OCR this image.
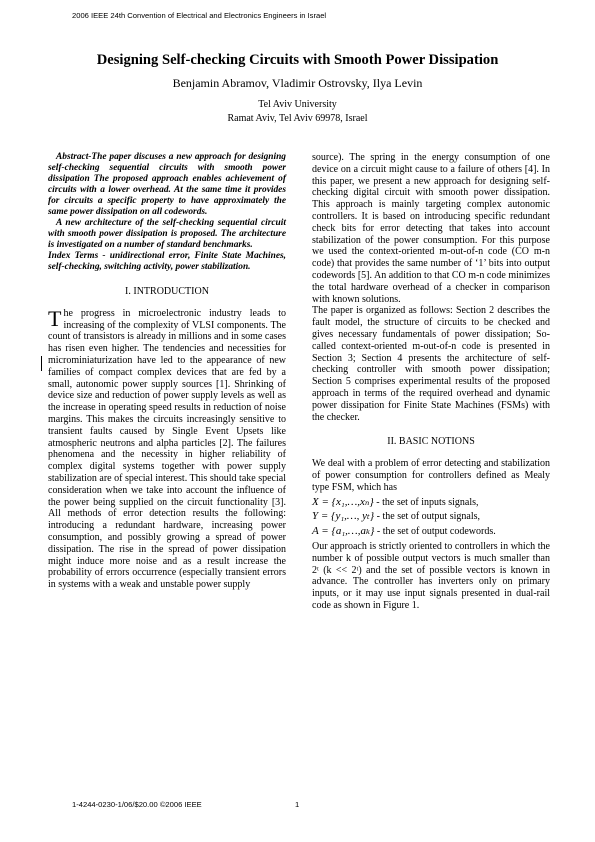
2006 IEEE 24th Convention of Electrical and Electronics Engineers in Israel
Designing Self-checking Circuits with Smooth Power Dissipation
Benjamin Abramov, Vladimir Ostrovsky, Ilya Levin
Tel Aviv University
Ramat Aviv, Tel Aviv 69978, Israel

Abstract-The paper discuses a new approach for designing self-checking sequential circuits with smooth power dissipation The proposed approach enables achievement of circuits with a lower overhead. At the same time it provides for circuits a specific property to have approximately the same power dissipation on all codewords.

A new architecture of the self-checking sequential circuit with smooth power dissipation is proposed. The architecture is investigated on a number of standard benchmarks.

Index Terms - unidirectional error, Finite State Machines, self-checking, switching activity, power stabilization.

I. INTRODUCTION

The progress in microelectronic industry leads to increasing of the complexity of VLSI components. The count of transistors is already in millions and in some cases has risen even higher. The tendencies and necessities for microminiaturization have led to the appearance of new families of compact complex devices that are fed by a small, autonomic power supply sources [1]. Shrinking of device size and reduction of power supply levels as well as the increase in operating speed results in reduction of noise margins. This makes the circuits increasingly sensitive to transient faults caused by Single Event Upsets like atmospheric neutrons and alpha particles [2]. The failures phenomena and the necessity in higher reliability of complex digital systems together with power supply stabilization are of special interest. This should take special consideration when we take into account the influence of the power being supplied on the circuit functionality [3]. All methods of error detection results the following: introducing a redundant hardware, increasing power consumption, and possibly growing a spread of power dissipation. The rise in the spread of power dissipation might induce more noise and as a result increase the probability of errors occurrence (especially transient errors in systems with a weak and unstable power supply

source). The spring in the energy consumption of one device on a circuit might cause to a failure of others [4]. In this paper, we present a new approach for designing self-checking digital circuit with smooth power dissipation. This approach is mainly targeting complex autonomic controllers. It is based on introducing specific redundant check bits for error detecting that takes into account stabilization of the power consumption. For this purpose we used the context-oriented m-out-of-n code (CO m-n code) that provides the same number of ‘1’ bits into output codewords [5]. An addition to that CO m-n code minimizes the total hardware overhead of a checker in comparison with known solutions.

The paper is organized as follows: Section 2 describes the fault model, the structure of circuits to be checked and gives necessary fundamentals of power dissipation; So-called context-oriented m-out-of-n code is presented in Section 3; Section 4 presents the architecture of self-checking controller with smooth power dissipation; Section 5 comprises experimental results of the proposed approach in terms of the required overhead and dynamic power dissipation for Finite State Machines (FSMs) with the checker.

II. BASIC NOTIONS

We deal with a problem of error detecting and stabilization of power consumption for controllers defined as Mealy type FSM, which has

X = {x₁,…,xₙ} - the set of inputs signals,

Y = {y₁,…, yₜ} - the set of output signals,

A = {a₁,…,aₖ} - the set of output codewords.

Our approach is strictly oriented to controllers in which the number k of possible output vectors is much smaller than 2ᵗ (k << 2ᵗ) and the set of possible vectors is known in advance. The controller has inverters only on primary inputs, or it may use input signals presented in dual-rail code as shown in Figure 1.

1-4244-0230-1/06/$20.00 ©2006 IEEE	1
